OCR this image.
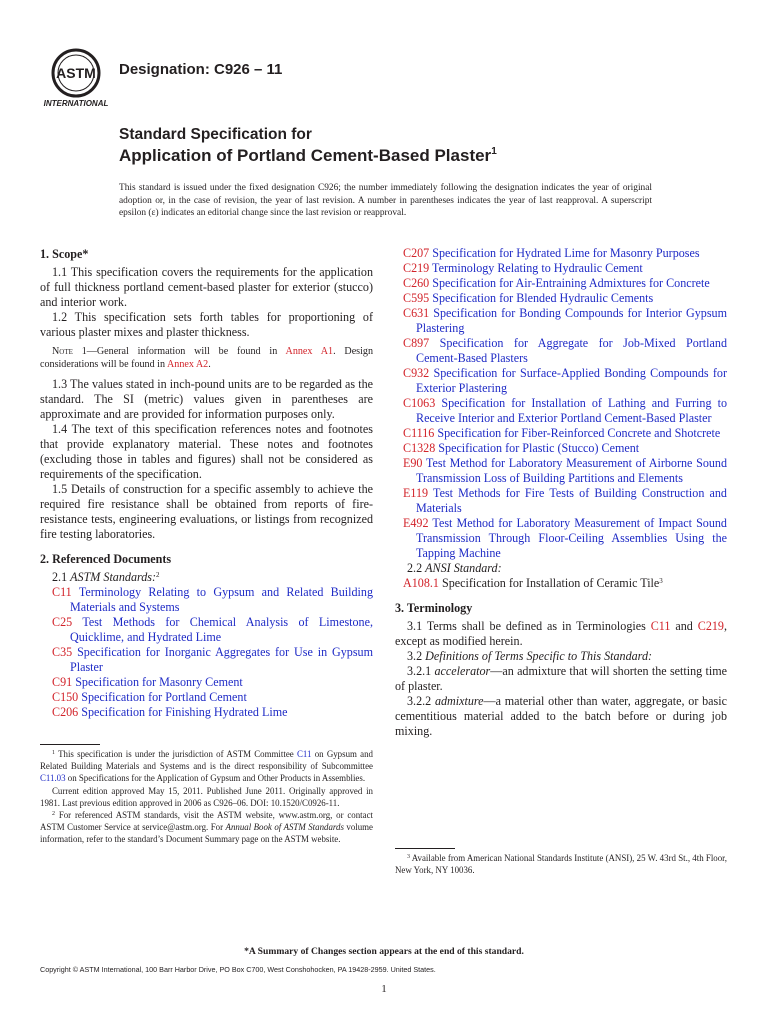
ASTM
INTERNATIONAL
Designation: C926 – 11
Standard Specification for
Application of Portland Cement-Based Plaster$^1$
This standard is issued under the fixed designation C926; the number immediately following the designation indicates the year of original adoption or, in the case of revision, the year of last revision. A number in parentheses indicates the year of last reapproval. A superscript epsilon (ε) indicates an editorial change since the last revision or reapproval.
1. Scope*

1.1 This specification covers the requirements for the application of full thickness portland cement-based plaster for exterior (stucco) and interior work.

1.2 This specification sets forth tables for proportioning of various plaster mixes and plaster thickness.

Note 1—General information will be found in Annex A1. Design considerations will be found in Annex A2.

1.3 The values stated in inch-pound units are to be regarded as the standard. The SI (metric) values given in parentheses are approximate and are provided for information purposes only.

1.4 The text of this specification references notes and footnotes that provide explanatory material. These notes and footnotes (excluding those in tables and figures) shall not be considered as requirements of the specification.

1.5 Details of construction for a specific assembly to achieve the required fire resistance shall be obtained from reports of fire-resistance tests, engineering evaluations, or listings from recognized fire testing laboratories.

2. Referenced Documents

2.1 ASTM Standards:$^2$

C11 Terminology Relating to Gypsum and Related Building Materials and Systems

C25 Test Methods for Chemical Analysis of Limestone, Quicklime, and Hydrated Lime

C35 Specification for Inorganic Aggregates for Use in Gypsum Plaster

C91 Specification for Masonry Cement

C150 Specification for Portland Cement

C206 Specification for Finishing Hydrated Lime

C207 Specification for Hydrated Lime for Masonry Purposes

C219 Terminology Relating to Hydraulic Cement

C260 Specification for Air-Entraining Admixtures for Concrete

C595 Specification for Blended Hydraulic Cements

C631 Specification for Bonding Compounds for Interior Gypsum Plastering

C897 Specification for Aggregate for Job-Mixed Portland Cement-Based Plasters

C932 Specification for Surface-Applied Bonding Compounds for Exterior Plastering

C1063 Specification for Installation of Lathing and Furring to Receive Interior and Exterior Portland Cement-Based Plaster

C1116 Specification for Fiber-Reinforced Concrete and Shotcrete

C1328 Specification for Plastic (Stucco) Cement

E90 Test Method for Laboratory Measurement of Airborne Sound Transmission Loss of Building Partitions and Elements

E119 Test Methods for Fire Tests of Building Construction and Materials

E492 Test Method for Laboratory Measurement of Impact Sound Transmission Through Floor-Ceiling Assemblies Using the Tapping Machine

2.2 ANSI Standard:

A108.1 Specification for Installation of Ceramic Tile$^3$

3. Terminology

3.1 Terms shall be defined as in Terminologies C11 and C219, except as modified herein.

3.2 Definitions of Terms Specific to This Standard:

3.2.1 accelerator—an admixture that will shorten the setting time of plaster.

3.2.2 admixture—a material other than water, aggregate, or basic cementitious material added to the batch before or during job mixing.

$^1$ This specification is under the jurisdiction of ASTM Committee C11 on Gypsum and Related Building Materials and Systems and is the direct responsibility of Subcommittee C11.03 on Specifications for the Application of Gypsum and Other Products in Assemblies.

Current edition approved May 15, 2011. Published June 2011. Originally approved in 1981. Last previous edition approved in 2006 as C926–06. DOI: 10.1520/C0926-11.

$^2$ For referenced ASTM standards, visit the ASTM website, www.astm.org, or contact ASTM Customer Service at service@astm.org. For Annual Book of ASTM Standards volume information, refer to the standard’s Document Summary page on the ASTM website.

$^3$ Available from American National Standards Institute (ANSI), 25 W. 43rd St., 4th Floor, New York, NY 10036.

*A Summary of Changes section appears at the end of this standard.
Copyright © ASTM International, 100 Barr Harbor Drive, PO Box C700, West Conshohocken, PA 19428-2959. United States.
1
